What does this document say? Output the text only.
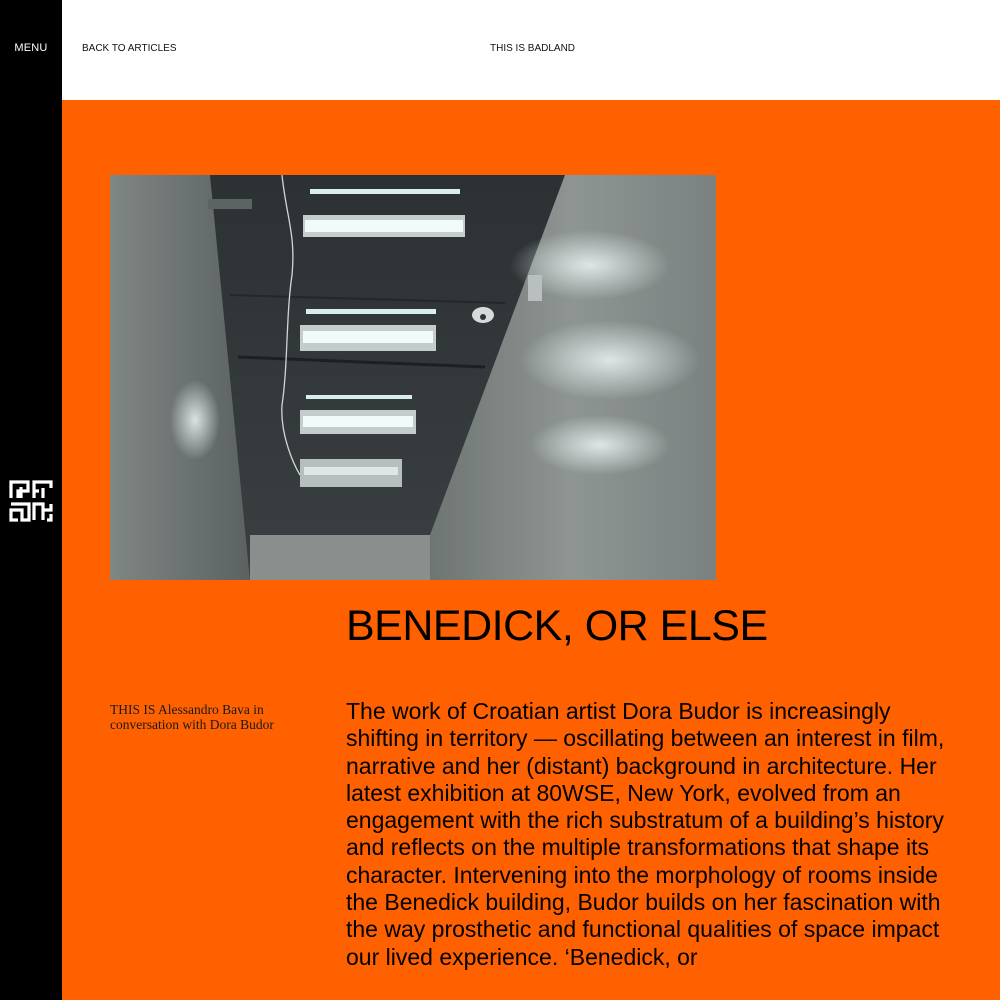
MENU	BACK TO ARTICLES	THIS IS BADLAND
BENEDICK, OR ELSE
THIS IS Alessandro Bava in conversation with Dora Budor

The work of Croatian artist Dora Budor is increasingly shifting in territory — oscillating between an interest in film, narrative and her (distant) background in architecture. Her latest exhibition at 80WSE, New York, evolved from an engagement with the rich substratum of a building’s history and reflects on the multiple transformations that shape its character. Intervening into the morphology of rooms inside the Benedick building, Budor builds on her fascination with the way prosthetic and functional qualities of space impact our lived experience. ‘Benedick, or
